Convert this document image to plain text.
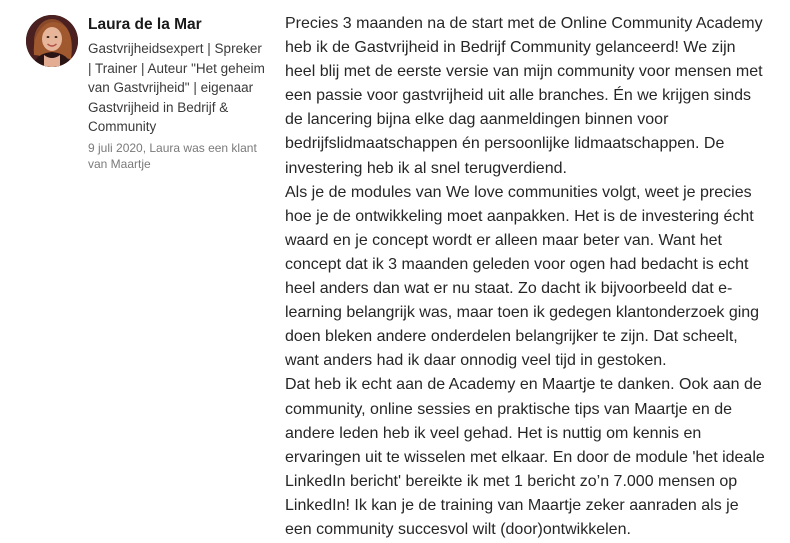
Laura de la Mar

Gastvrijheidsexpert | Spreker | Trainer | Auteur "Het geheim van Gastvrijheid" | eigenaar Gastvrijheid in Bedrijf & Community

9 juli 2020, Laura was een klant van Maartje

Precies 3 maanden na de start met de Online Community Academy heb ik de Gastvrijheid in Bedrijf Community gelanceerd! We zijn heel blij met de eerste versie van mijn community voor mensen met een passie voor gastvrijheid uit alle branches. Én we krijgen sinds de lancering bijna elke dag aanmeldingen binnen voor bedrijfslidmaatschappen én persoonlijke lidmaatschappen. De investering heb ik al snel terugverdiend.

Als je de modules van We love communities volgt, weet je precies hoe je de ontwikkeling moet aanpakken. Het is de investering écht waard en je concept wordt er alleen maar beter van. Want het concept dat ik 3 maanden geleden voor ogen had bedacht is echt heel anders dan wat er nu staat. Zo dacht ik bijvoorbeeld dat e-learning belangrijk was, maar toen ik gedegen klantonderzoek ging doen bleken andere onderdelen belangrijker te zijn. Dat scheelt, want anders had ik daar onnodig veel tijd in gestoken.

Dat heb ik echt aan de Academy en Maartje te danken. Ook aan de community, online sessies en praktische tips van Maartje en de andere leden heb ik veel gehad. Het is nuttig om kennis en ervaringen uit te wisselen met elkaar. En door de module 'het ideale LinkedIn bericht' bereikte ik met 1 bericht zo’n 7.000 mensen op LinkedIn! Ik kan je de training van Maartje zeker aanraden als je een community succesvol wilt (door)ontwikkelen.
